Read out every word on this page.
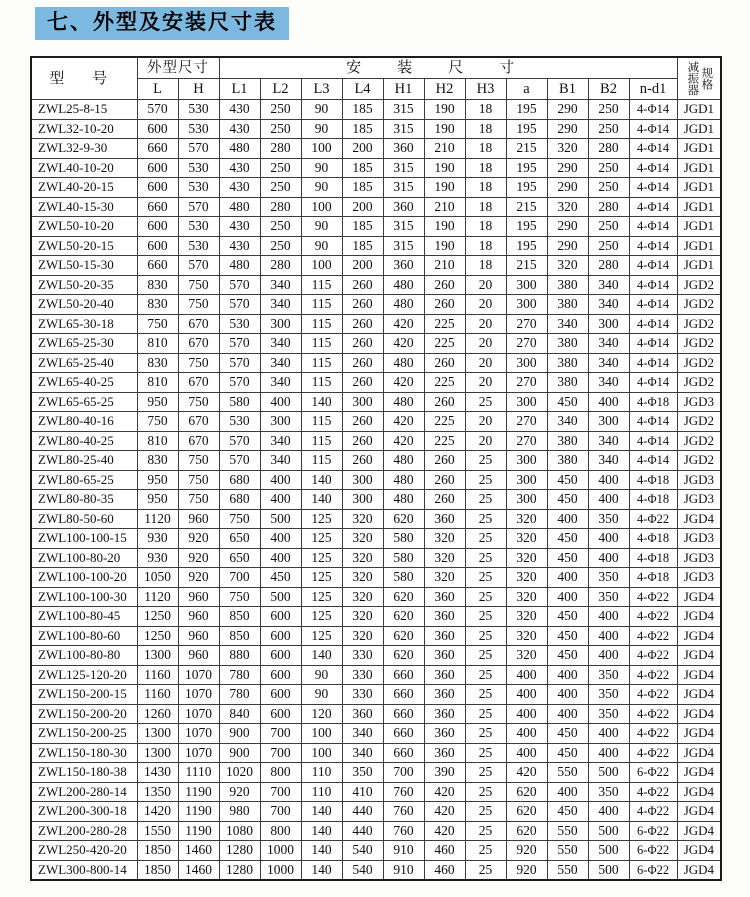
七、外型及安装尺寸表
型 号	外型尺寸		安装尺寸											减振器 规格

	L	H	L1	L2	L3	L4	H1	H2	H3	a	B1	B2	n-d1	
ZWL25-8-15	570	530	430	250	90	185	315	190	18	195	290	250	4-Φ14	JGD1
ZWL32-10-20	600	530	430	250	90	185	315	190	18	195	290	250	4-Φ14	JGD1
ZWL32-9-30	660	570	480	280	100	200	360	210	18	215	320	280	4-Φ14	JGD1
ZWL40-10-20	600	530	430	250	90	185	315	190	18	195	290	250	4-Φ14	JGD1
ZWL40-20-15	600	530	430	250	90	185	315	190	18	195	290	250	4-Φ14	JGD1
ZWL40-15-30	660	570	480	280	100	200	360	210	18	215	320	280	4-Φ14	JGD1
ZWL50-10-20	600	530	430	250	90	185	315	190	18	195	290	250	4-Φ14	JGD1
ZWL50-20-15	600	530	430	250	90	185	315	190	18	195	290	250	4-Φ14	JGD1
ZWL50-15-30	660	570	480	280	100	200	360	210	18	215	320	280	4-Φ14	JGD1
ZWL50-20-35	830	750	570	340	115	260	480	260	20	300	380	340	4-Φ14	JGD2
ZWL50-20-40	830	750	570	340	115	260	480	260	20	300	380	340	4-Φ14	JGD2
ZWL65-30-18	750	670	530	300	115	260	420	225	20	270	340	300	4-Φ14	JGD2
ZWL65-25-30	810	670	570	340	115	260	420	225	20	270	380	340	4-Φ14	JGD2
ZWL65-25-40	830	750	570	340	115	260	480	260	20	300	380	340	4-Φ14	JGD2
ZWL65-40-25	810	670	570	340	115	260	420	225	20	270	380	340	4-Φ14	JGD2
ZWL65-65-25	950	750	580	400	140	300	480	260	25	300	450	400	4-Φ18	JGD3
ZWL80-40-16	750	670	530	300	115	260	420	225	20	270	340	300	4-Φ14	JGD2
ZWL80-40-25	810	670	570	340	115	260	420	225	20	270	380	340	4-Φ14	JGD2
ZWL80-25-40	830	750	570	340	115	260	480	260	25	300	380	340	4-Φ14	JGD2
ZWL80-65-25	950	750	680	400	140	300	480	260	25	300	450	400	4-Φ18	JGD3
ZWL80-80-35	950	750	680	400	140	300	480	260	25	300	450	400	4-Φ18	JGD3
ZWL80-50-60	1120	960	750	500	125	320	620	360	25	320	400	350	4-Φ22	JGD4
ZWL100-100-15	930	920	650	400	125	320	580	320	25	320	450	400	4-Φ18	JGD3
ZWL100-80-20	930	920	650	400	125	320	580	320	25	320	450	400	4-Φ18	JGD3
ZWL100-100-20	1050	920	700	450	125	320	580	320	25	320	400	350	4-Φ18	JGD3
ZWL100-100-30	1120	960	750	500	125	320	620	360	25	320	400	350	4-Φ22	JGD4
ZWL100-80-45	1250	960	850	600	125	320	620	360	25	320	450	400	4-Φ22	JGD4
ZWL100-80-60	1250	960	850	600	125	320	620	360	25	320	450	400	4-Φ22	JGD4
ZWL100-80-80	1300	960	880	600	140	330	620	360	25	320	450	400	4-Φ22	JGD4
ZWL125-120-20	1160	1070	780	600	90	330	660	360	25	400	400	350	4-Φ22	JGD4
ZWL150-200-15	1160	1070	780	600	90	330	660	360	25	400	400	350	4-Φ22	JGD4
ZWL150-200-20	1260	1070	840	600	120	360	660	360	25	400	400	350	4-Φ22	JGD4
ZWL150-200-25	1300	1070	900	700	100	340	660	360	25	400	450	400	4-Φ22	JGD4
ZWL150-180-30	1300	1070	900	700	100	340	660	360	25	400	450	400	4-Φ22	JGD4
ZWL150-180-38	1430	1110	1020	800	110	350	700	390	25	420	550	500	6-Φ22	JGD4
ZWL200-280-14	1350	1190	920	700	110	410	760	420	25	620	400	350	4-Φ22	JGD4
ZWL200-300-18	1420	1190	980	700	140	440	760	420	25	620	450	400	4-Φ22	JGD4
ZWL200-280-28	1550	1190	1080	800	140	440	760	420	25	620	550	500	6-Φ22	JGD4
ZWL250-420-20	1850	1460	1280	1000	140	540	910	460	25	920	550	500	6-Φ22	JGD4
ZWL300-800-14	1850	1460	1280	1000	140	540	910	460	25	920	550	500	6-Φ22	JGD4
